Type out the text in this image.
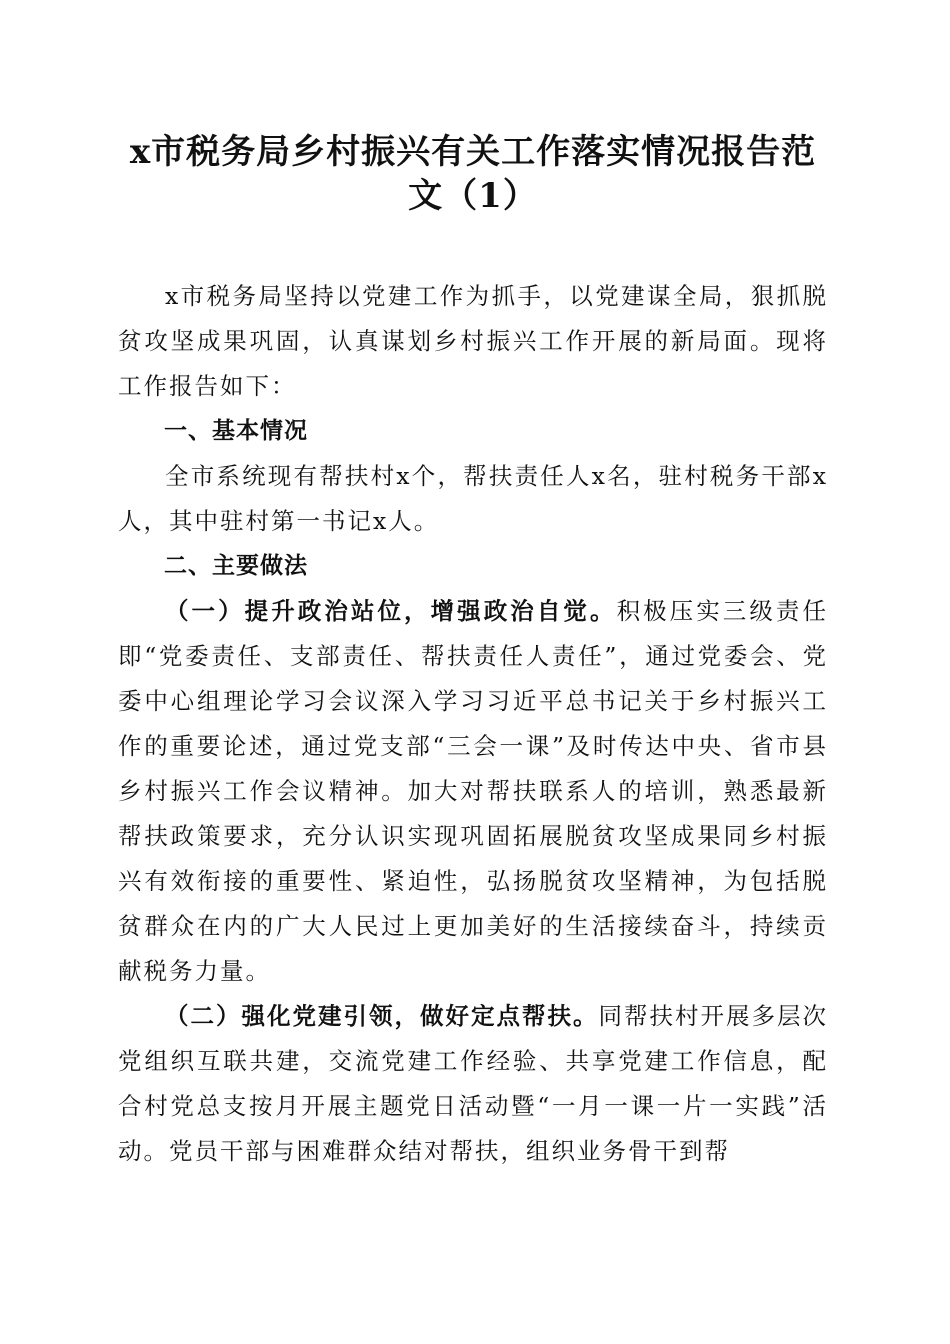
x市税务局乡村振兴有关工作落实情况报告范
文（1）

x市税务局坚持以党建工作为抓手，以党建谋全局，狠抓脱贫攻坚成果巩固，认真谋划乡村振兴工作开展的新局面。现将工作报告如下：

一、基本情况

全市系统现有帮扶村x个，帮扶责任人x名，驻村税务干部x人，其中驻村第一书记x人。

二、主要做法

（一）提升政治站位，增强政治自觉。积极压实三级责任即“党委责任、支部责任、帮扶责任人责任”，通过党委会、党委中心组理论学习会议深入学习习近平总书记关于乡村振兴工作的重要论述，通过党支部“三会一课”及时传达中央、省市县乡村振兴工作会议精神。加大对帮扶联系人的培训，熟悉最新帮扶政策要求，充分认识实现巩固拓展脱贫攻坚成果同乡村振兴有效衔接的重要性、紧迫性，弘扬脱贫攻坚精神，为包括脱贫群众在内的广大人民过上更加美好的生活接续奋斗，持续贡献税务力量。

（二）强化党建引领，做好定点帮扶。同帮扶村开展多层次党组织互联共建，交流党建工作经验、共享党建工作信息，配合村党总支按月开展主题党日活动暨“一月一课一片一实践”活动。党员干部与困难群众结对帮扶，组织业务骨干到帮
